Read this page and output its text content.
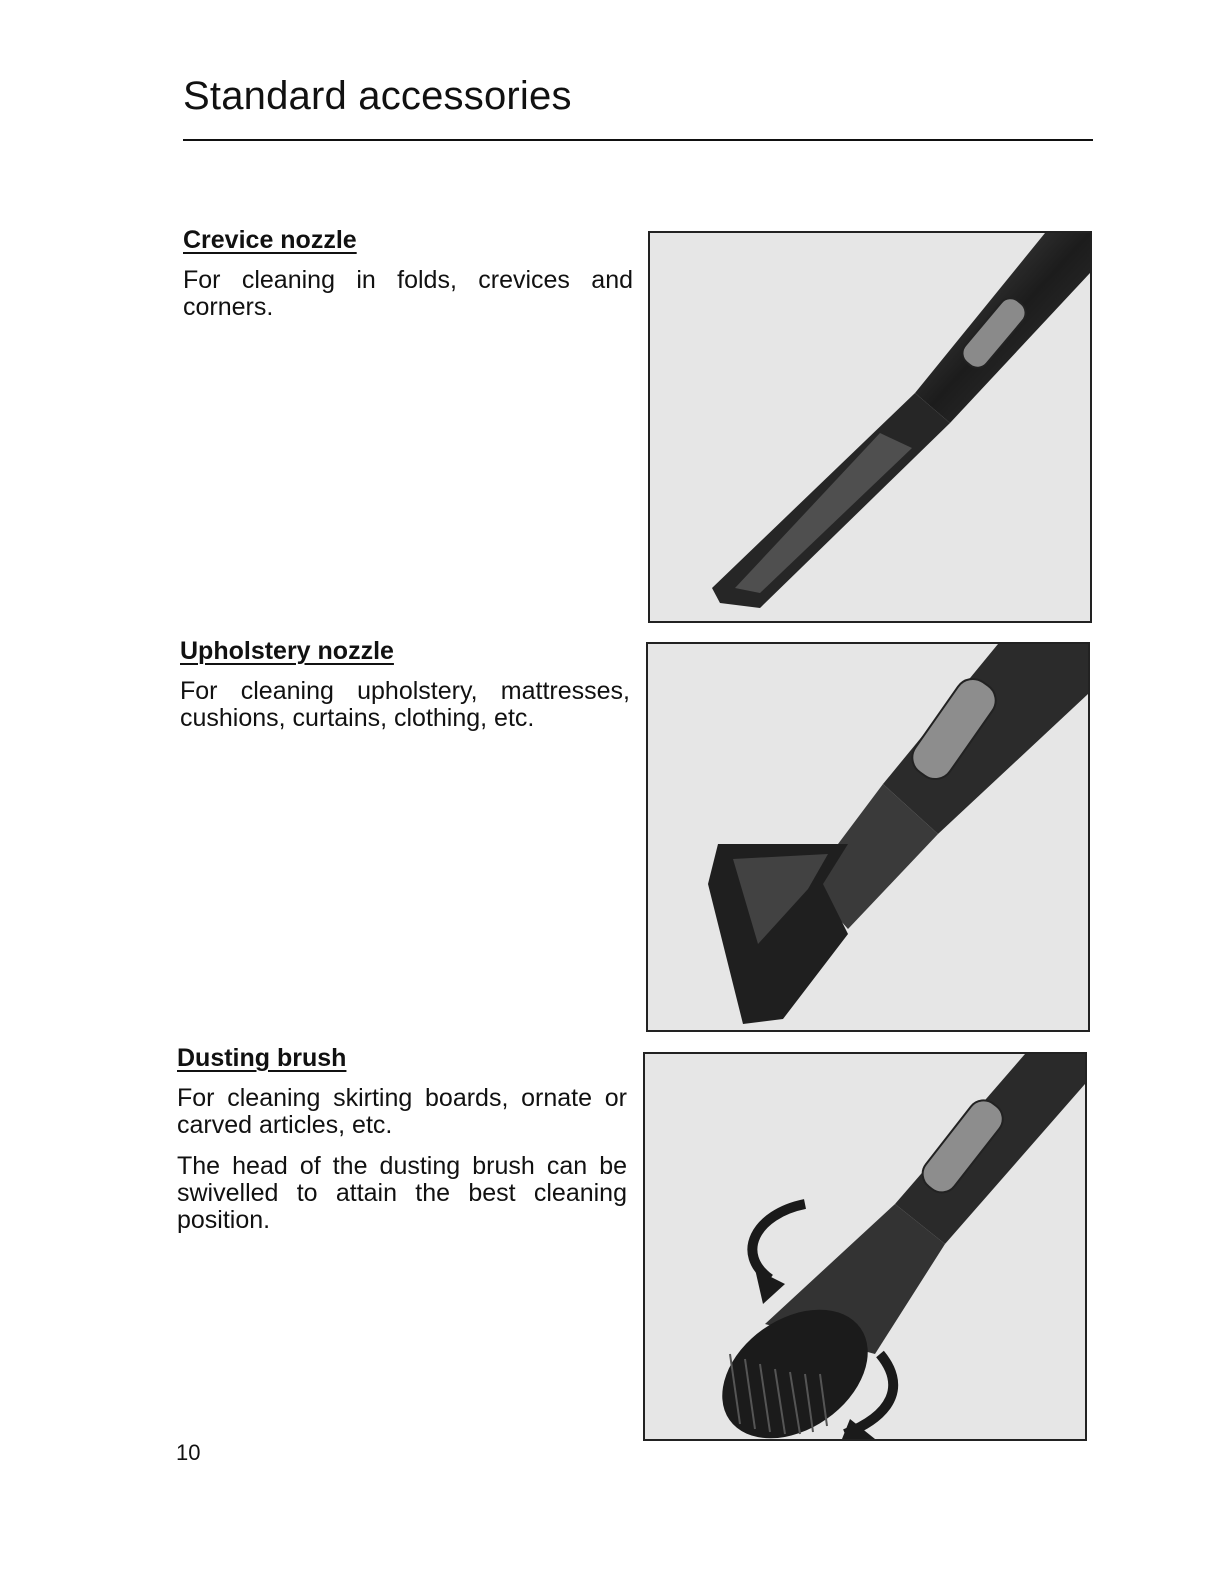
Standard accessories
Crevice nozzle

For cleaning in folds, crevices and corners.

Upholstery nozzle

For cleaning upholstery, mattresses, cushions, curtains, clothing, etc.

Dusting brush

For cleaning skirting boards, ornate or carved articles, etc.

The head of the dusting brush can be swivelled to attain the best cleaning position.

10
